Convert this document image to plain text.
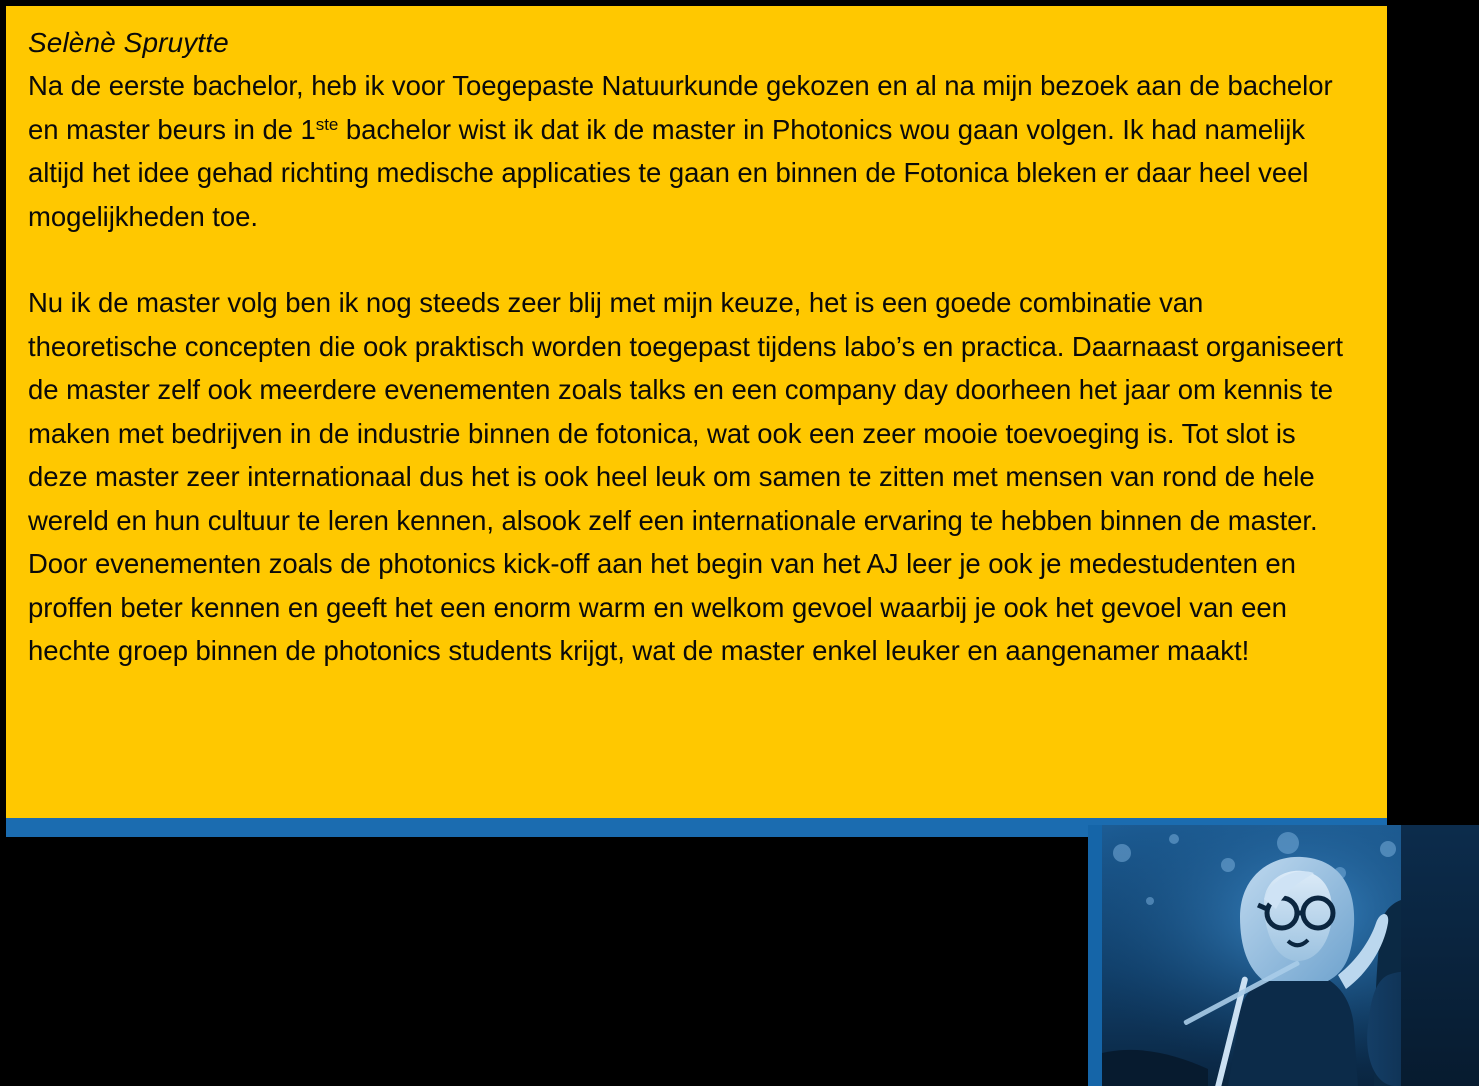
Selènè Spruytte

Na de eerste bachelor, heb ik voor Toegepaste Natuurkunde gekozen en al na mijn bezoek aan de bachelor en master beurs in de 1ste bachelor wist ik dat ik de master in Photonics wou gaan volgen. Ik had namelijk altijd het idee gehad richting medische applicaties te gaan en binnen de Fotonica bleken er daar heel veel mogelijkheden toe.

Nu ik de master volg ben ik nog steeds zeer blij met mijn keuze, het is een goede combinatie van theoretische concepten die ook praktisch worden toegepast tijdens labo’s en practica. Daarnaast organiseert de master zelf ook meerdere evenementen zoals talks en een company day doorheen het jaar om kennis te maken met bedrijven in de industrie binnen de fotonica, wat ook een zeer mooie toevoeging is. Tot slot is deze master zeer internationaal dus het is ook heel leuk om samen te zitten met mensen van rond de hele wereld en hun cultuur te leren kennen, alsook zelf een internationale ervaring te hebben binnen de master. Door evenementen zoals de photonics kick-off aan het begin van het AJ leer je ook je medestudenten en proffen beter kennen en geeft het een enorm warm en welkom gevoel waarbij je ook het gevoel van een hechte groep binnen de photonics students krijgt, wat de master enkel leuker en aangenamer maakt!
